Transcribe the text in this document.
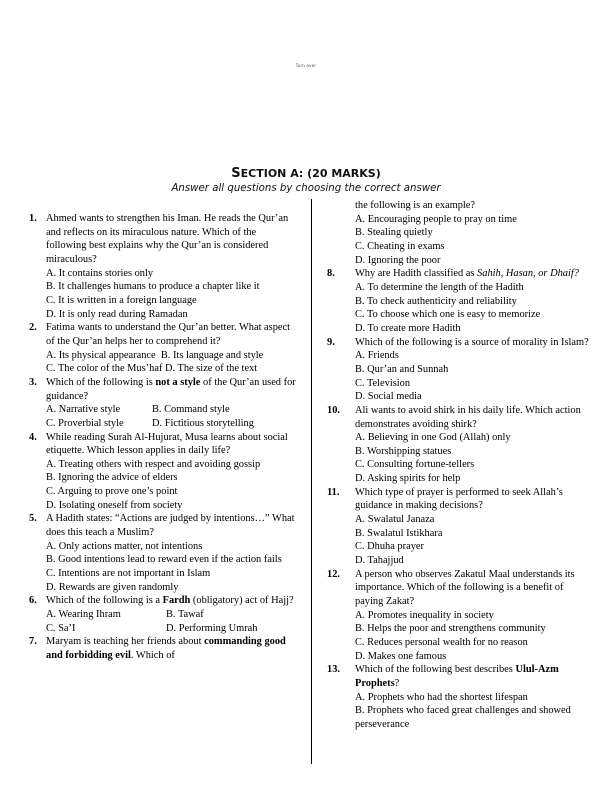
Turn over
SECTION A: (20 MARKS)
Answer all questions by choosing the correct answer
1. Ahmed wants to strengthen his Iman. He reads the Qur’an and reflects on its miraculous nature. Which of the following best explains why the Qur’an is considered miraculous?
A. It contains stories only
B. It challenges humans to produce a chapter like it
C. It is written in a foreign language
D. It is only read during Ramadan
2. Fatima wants to understand the Qur’an better. What aspect of the Qur’an helps her to comprehend it?
A. Its physical appearance B. Its language and style
C. The color of the Mus’haf D. The size of the text
3. Which of the following is not a style of the Qur’an used for guidance?
A. Narrative style	B. Command style
C. Proverbial style	D. Fictitious storytelling
4. While reading Surah Al-Hujurat, Musa learns about social etiquette. Which lesson applies in daily life?
A. Treating others with respect and avoiding gossip
B. Ignoring the advice of elders
C. Arguing to prove one’s point
D. Isolating oneself from society
5. A Hadith states: “Actions are judged by intentions…” What does this teach a Muslim?
A. Only actions matter, not intentions
B. Good intentions lead to reward even if the action fails
C. Intentions are not important in Islam
D. Rewards are given randomly
6. Which of the following is a Fardh (obligatory) act of Hajj?
A. Wearing Ihram	B. Tawaf
C. Sa’I	D. Performing Umrah
7. Maryam is teaching her friends about commanding good and forbidding evil. Which of
the following is an example?
A. Encouraging people to pray on time
B. Stealing quietly
C. Cheating in exams
D. Ignoring the poor
8. Why are Hadith classified as Sahih, Hasan, or Dhaif?
A. To determine the length of the Hadith
B. To check authenticity and reliability
C. To choose which one is easy to memorize
D. To create more Hadith
9. Which of the following is a source of morality in Islam?
A. Friends
B. Qur’an and Sunnah
C. Television
D. Social media
10. Ali wants to avoid shirk in his daily life. Which action demonstrates avoiding shirk?
A. Believing in one God (Allah) only
B. Worshipping statues
C. Consulting fortune-tellers
D. Asking spirits for help
11. Which type of prayer is performed to seek Allah’s guidance in making decisions?
A. Swalatul Janaza
B. Swalatul Istikhara
C. Dhuha prayer
D. Tahajjud
12. A person who observes Zakatul Maal understands its importance. Which of the following is a benefit of paying Zakat?
A. Promotes inequality in society
B. Helps the poor and strengthens community
C. Reduces personal wealth for no reason
D. Makes one famous
13. Which of the following best describes Ulul-Azm Prophets?
A. Prophets who had the shortest lifespan
B. Prophets who faced great challenges and showed perseverance
